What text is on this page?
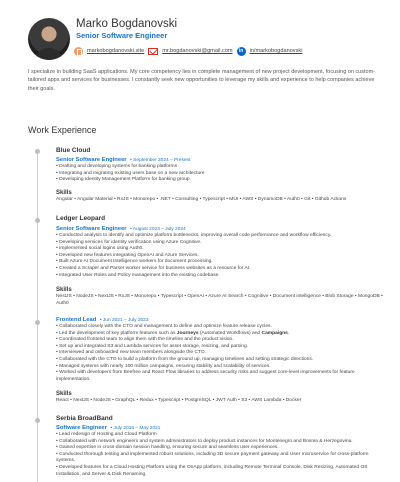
Marko Bogdanovski
Senior Software Engineer
markobogdanovski.site	mr.bogdanovski@gmail.com	in	in/markobogdanovski

I specialize in building SaaS applications. My core competency lies in complete management of new project development, focusing on custom-tailored apps and services for businesses. I constantly seek new opportunities to leverage my skills and experience to help companies achieve their goals.

Work Experience
Blue Cloud
Senior Software Engineer • September 2024 – Present
• Drafting and developing systems for banking platforms
• Integrating and migrating existing users base on a new architecture
• Developing Identity Management Platform for banking group
Skills
Angular • Angular Material • RxJS • Monorepo • .NET • Consulting • Typescript • MUI • AWS • DynamoDB • Auth0 • Git • Github Actions
Ledger Leopard
Senior Software Engineer • August 2023 – July 2024
• Conducted analysis to identify and optimize platform bottlenecks, improving overall code performance and workflow efficiency.
• Developing services for identity verification using Azure Cognitive.
• Implemented social logins using Auth0.
• Developed new features integrating OpenAI and Azure Services.
• Built Azure AI Document Intelligence workers for document processing.
• Created a Scraper and Parser worker service for business websites as a resource for AI.
• Integrated User Roles and Policy management into the existing codebase.
Skills
NestJS • NodeJS • NextJS • RxJS • Monorepo • Typescript • OpenAI • Azure AI Search • Cognitive • Document intelligence • Blob Storage • MongoDB • Auth0
Frontend Lead • Jun 2021 – July 2023
• Collaborated closely with the CTO and management to define and optimize feature release cycles.
• Led the development of key platform features such as Journeys (Automated Workflows) and Campaigns.
• Coordinated frontend team to align them with the timeline and the product vision.
• Set up and integrated S3 and Lambda services for asset storage, resizing, and parsing.
• Interviewed and onboarded new team members alongside the CTO.
• Collaborated with the CTO to build a platform from the ground up, managing timelines and setting strategic directions.
• Managed systems with nearly 100 million campaigns, ensuring stability and scalability of services.
• Worked with developers from Beefree and React Flow libraries to address security risks and suggest core-level improvements for feature implementation.
Skills
React • NextJS • NodeJS • GraphQL • Redux • Typescript • PostgreSQL • JWT Auth • S3 • AWS Lambda • Docker
Serbia BroadBand
Software Engineer • July 2016 – May 2021
• Lead redesign of Hosting and Cloud Platform
• Collaborated with network engineers and system administrators to deploy product instances for Montenegro and Bosnia & Herzegovina.
• Gained expertise in cross-domain session handling, ensuring secure and seamless user experiences.
• Conducted thorough testing and implemented robust solutions, including 3D secure payment gateway and User microservice for cross-platform systems.
• Developed features for a Cloud Hosting Platform using the OnApp platform, including Remote Terminal Console, Disk Resizing, Automated OS Installation, and Server & Disk Renaming.
